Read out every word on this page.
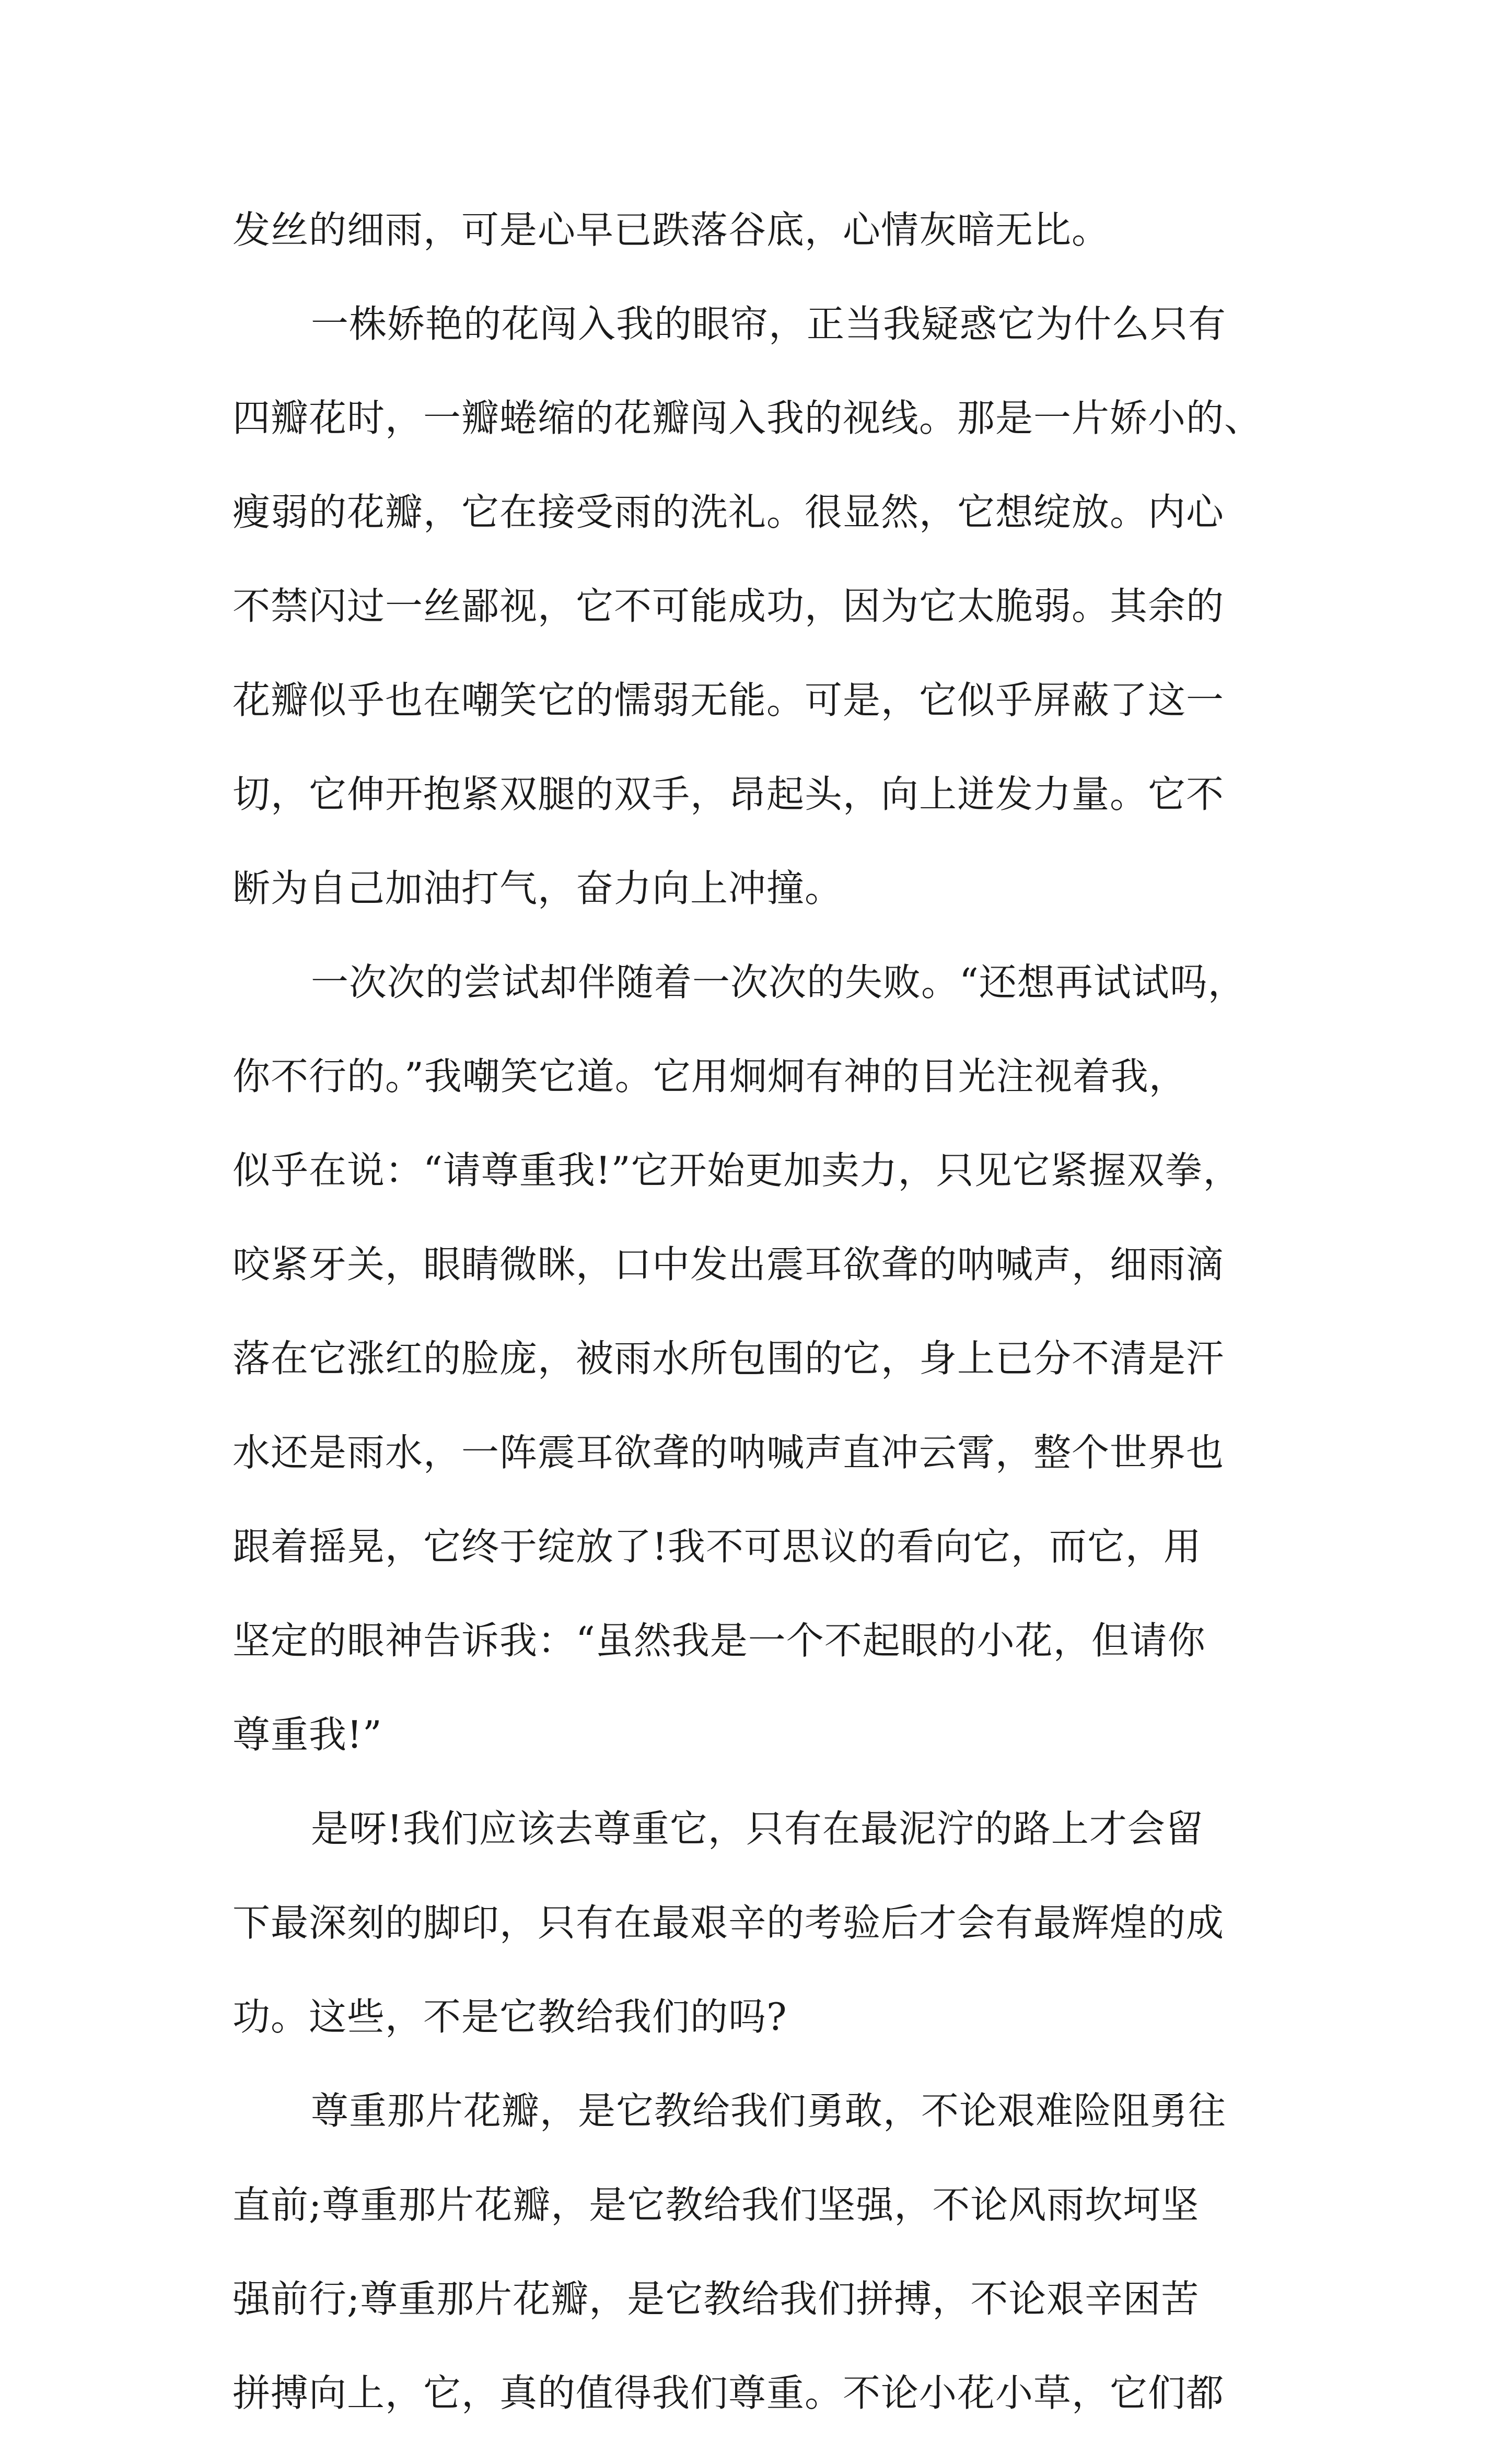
发丝的细雨，可是心早已跌落谷底，心情灰暗无比。
一株娇艳的花闯入我的眼帘，正当我疑惑它为什么只有
四瓣花时，一瓣蜷缩的花瓣闯入我的视线。那是一片娇小的、
瘦弱的花瓣，它在接受雨的洗礼。很显然，它想绽放。内心
不禁闪过一丝鄙视，它不可能成功，因为它太脆弱。其余的
花瓣似乎也在嘲笑它的懦弱无能。可是，它似乎屏蔽了这一
切，它伸开抱紧双腿的双手，昂起头，向上迸发力量。它不
断为自己加油打气，奋力向上冲撞。
一次次的尝试却伴随着一次次的失败。“还想再试试吗，
你不行的。”我嘲笑它道。它用炯炯有神的目光注视着我，
似乎在说：“请尊重我!”它开始更加卖力，只见它紧握双拳，
咬紧牙关，眼睛微眯，口中发出震耳欲聋的呐喊声，细雨滴
落在它涨红的脸庞，被雨水所包围的它，身上已分不清是汗
水还是雨水，一阵震耳欲聋的呐喊声直冲云霄，整个世界也
跟着摇晃，它终于绽放了!我不可思议的看向它，而它，用
坚定的眼神告诉我：“虽然我是一个不起眼的小花，但请你
尊重我!”
是呀!我们应该去尊重它，只有在最泥泞的路上才会留
下最深刻的脚印，只有在最艰辛的考验后才会有最辉煌的成
功。这些，不是它教给我们的吗?
尊重那片花瓣，是它教给我们勇敢，不论艰难险阻勇往
直前;尊重那片花瓣，是它教给我们坚强，不论风雨坎坷坚
强前行;尊重那片花瓣，是它教给我们拼搏，不论艰辛困苦
拼搏向上，它，真的值得我们尊重。不论小花小草，它们都
